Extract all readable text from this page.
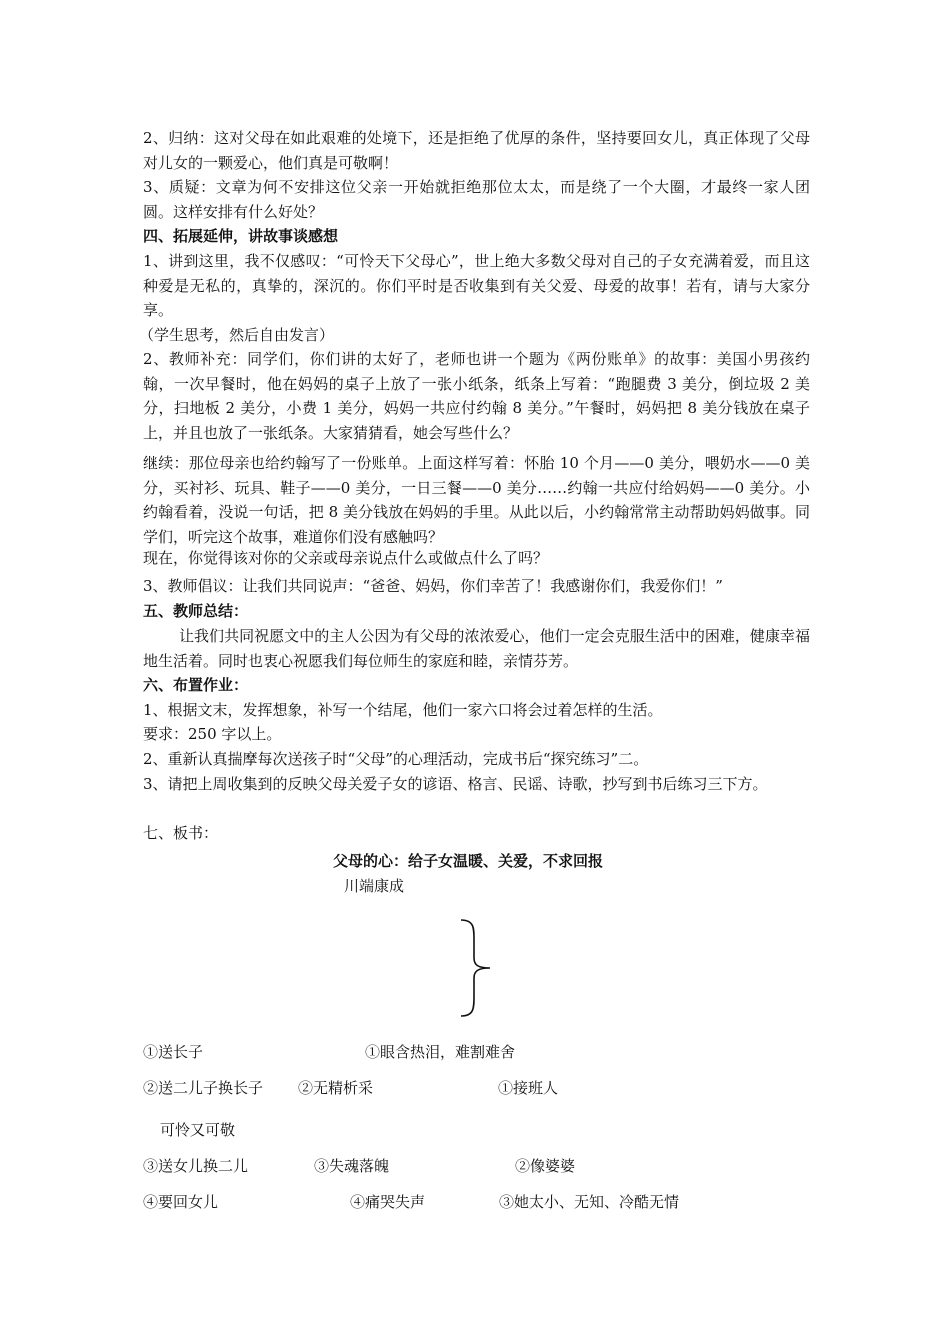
2、归纳：这对父母在如此艰难的处境下，还是拒绝了优厚的条件，坚持要回女儿，真正体现了父母对儿女的一颗爱心，他们真是可敬啊！

3、质疑：文章为何不安排这位父亲一开始就拒绝那位太太，而是绕了一个大圈，才最终一家人团圆。这样安排有什么好处？

四、拓展延伸，讲故事谈感想

1、讲到这里，我不仅感叹：“可怜天下父母心”，世上绝大多数父母对自己的子女充满着爱，而且这种爱是无私的，真挚的，深沉的。你们平时是否收集到有关父爱、母爱的故事！若有，请与大家分享。

（学生思考，然后自由发言）

2、教师补充：同学们，你们讲的太好了，老师也讲一个题为《两份账单》的故事：美国小男孩约翰，一次早餐时，他在妈妈的桌子上放了一张小纸条，纸条上写着：“跑腿费 3 美分，倒垃圾 2 美分，扫地板 2 美分，小费 1 美分，妈妈一共应付约翰 8 美分。”午餐时，妈妈把 8 美分钱放在桌子上，并且也放了一张纸条。大家猜猜看，她会写些什么？

继续：那位母亲也给约翰写了一份账单。上面这样写着：怀胎 10 个月——0 美分，喂奶水——0 美分，买衬衫、玩具、鞋子——0 美分，一日三餐——0 美分……约翰一共应付给妈妈——0 美分。小约翰看着，没说一句话，把 8 美分钱放在妈妈的手里。从此以后，小约翰常常主动帮助妈妈做事。同学们，听完这个故事，难道你们没有感触吗？

现在，你觉得该对你的父亲或母亲说点什么或做点什么了吗？

3、教师倡议：让我们共同说声：“爸爸、妈妈，你们幸苦了！我感谢你们，我爱你们！”

五、教师总结：

让我们共同祝愿文中的主人公因为有父母的浓浓爱心，他们一定会克服生活中的困难，健康幸福地生活着。同时也衷心祝愿我们每位师生的家庭和睦，亲情芬芳。

六、布置作业：

1、根据文末，发挥想象，补写一个结尾，他们一家六口将会过着怎样的生活。

要求：250 字以上。

2、重新认真揣摩每次送孩子时“父母”的心理活动，完成书后“探究练习”二。

3、请把上周收集到的反映父母关爱子女的谚语、格言、民谣、诗歌，抄写到书后练习三下方。

七、板书：

父母的心：给子女温暖、关爱，不求回报
川端康成
①送长子	①眼含热泪，难割难舍
②送二儿子换长子 ②无精析采	①接班人
可怜又可敬
③送女儿换二儿	③失魂落魄	②像婆婆
④要回女儿	④痛哭失声	③她太小、无知、冷酷无情
